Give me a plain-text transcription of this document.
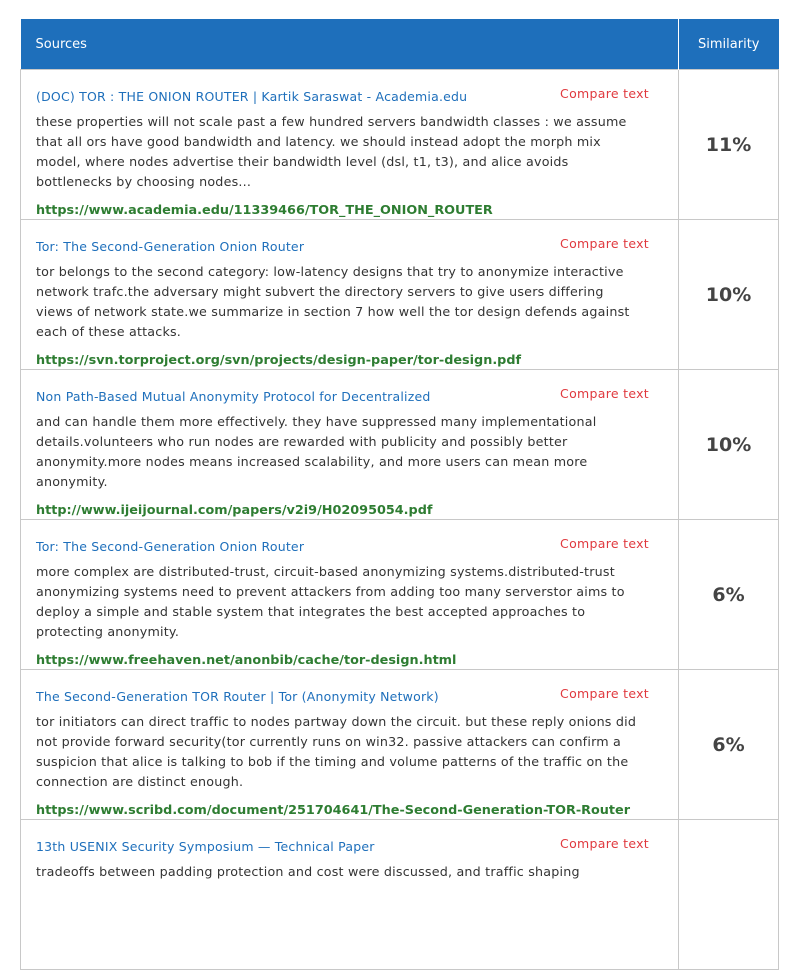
Sources	Similarity

(DOC) TOR : THE ONION ROUTER | Kartik Saraswat - Academia.edu Compare text
these properties will not scale past a few hundred servers bandwidth classes : we assume that all ors have good bandwidth and latency. we should instead adopt the morph mix model, where nodes advertise their bandwidth level (dsl, t1, t3), and alice avoids bottlenecks by choosing nodes...
https://www.academia.edu/11339466/TOR_THE_ONION_ROUTER	11%

Tor: The Second-Generation Onion Router Compare text
tor belongs to the second category: low-latency designs that try to anonymize interactive network trafc.the adversary might subvert the directory servers to give users differing views of network state.we summarize in section 7 how well the tor design defends against each of these attacks.
https://svn.torproject.org/svn/projects/design-paper/tor-design.pdf	10%

Non Path-Based Mutual Anonymity Protocol for Decentralized Compare text
and can handle them more effectively. they have suppressed many implementational details.volunteers who run nodes are rewarded with publicity and possibly better anonymity.more nodes means increased scalability, and more users can mean more anonymity.
http://www.ijeijournal.com/papers/v2i9/H02095054.pdf	10%

Tor: The Second-Generation Onion Router Compare text
more complex are distributed-trust, circuit-based anonymizing systems.distributed-trust anonymizing systems need to prevent attackers from adding too many serverstor aims to deploy a simple and stable system that integrates the best accepted approaches to protecting anonymity.
https://www.freehaven.net/anonbib/cache/tor-design.html	6%

The Second-Generation TOR Router | Tor (Anonymity Network) Compare text
tor initiators can direct traffic to nodes partway down the circuit. but these reply onions did not provide forward security(tor currently runs on win32. passive attackers can confirm a suspicion that alice is talking to bob if the timing and volume patterns of the traffic on the connection are distinct enough.
https://www.scribd.com/document/251704641/The-Second-Generation-TOR-Router	6%

13th USENIX Security Symposium — Technical Paper Compare text
tradeoffs between padding protection and cost were discussed, and traffic shaping	
